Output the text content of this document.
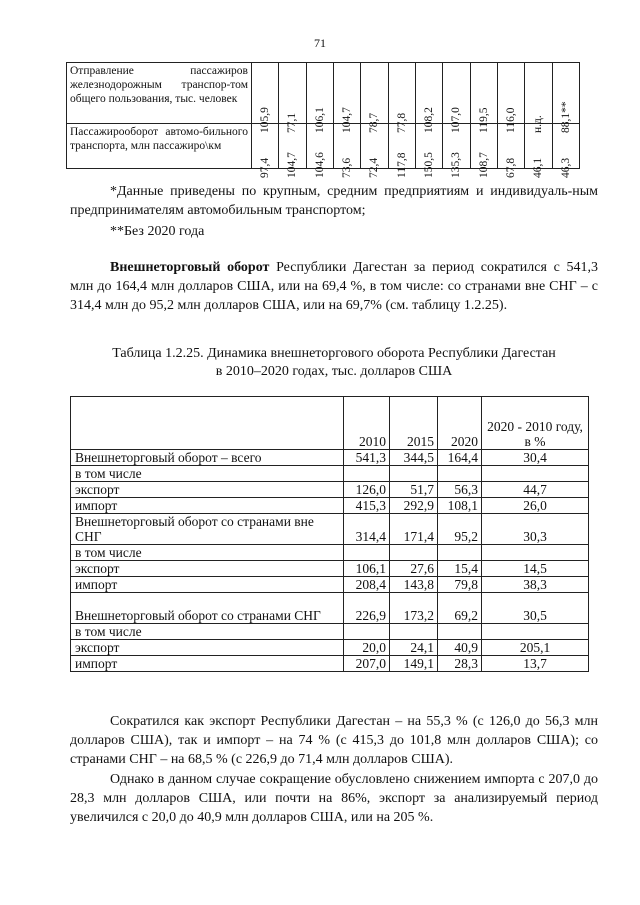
71
Отправление пассажиров железнодорожным транспор-том общего пользования, тыс. человек	105,9	77,1	106,1	104,7	78,7	77,8	108,2	107,0	119,5	116,0	н.д.	88,1**

Пассажирооборот автомо-бильного транспорта, млн пассажиро\км	97,4	104,7	104,6	73,6	72,4	117,8	150,5	135,3	108,7	67,8	46,1	46,3

*Данные приведены по крупным, средним предприятиям и индивидуаль-ным предпринимателям автомобильным транспортом;

**Без 2020 года

Внешнеторговый оборот Республики Дагестан за период сократился с 541,3 млн до 164,4 млн долларов США, или на 69,4 %, в том числе: со странами вне СНГ – с 314,4 млн до 95,2 млн долларов США, или на 69,7% (см. таблицу 1.2.25).

Таблица 1.2.25. Динамика внешнеторгового оборота Республики Дагестан
в 2010–2020 годах, тыс. долларов США
	2010	2015	2020	2020 - 2010 году, в %
Внешнеторговый оборот – всего	541,3	344,5	164,4	30,4
в том числе				
экспорт	126,0	51,7	56,3	44,7
импорт	415,3	292,9	108,1	26,0
Внешнеторговый оборот со странами вне СНГ	314,4	171,4	95,2	30,3
в том числе				
экспорт	106,1	27,6	15,4	14,5
импорт	208,4	143,8	79,8	38,3
Внешнеторговый оборот со странами СНГ	226,9	173,2	69,2	30,5
в том числе				
экспорт	20,0	24,1	40,9	205,1
импорт	207,0	149,1	28,3	13,7

Сократился как экспорт Республики Дагестан – на 55,3 % (с 126,0 до 56,3 млн долларов США), так и импорт – на 74 % (с 415,3 до 101,8 млн долларов США); со странами СНГ – на 68,5 % (с 226,9 до 71,4 млн долларов США).

Однако в данном случае сокращение обусловлено снижением импорта с 207,0 до 28,3 млн долларов США, или почти на 86%, экспорт за анализируемый период увеличился с 20,0 до 40,9 млн долларов США, или на 205 %.
